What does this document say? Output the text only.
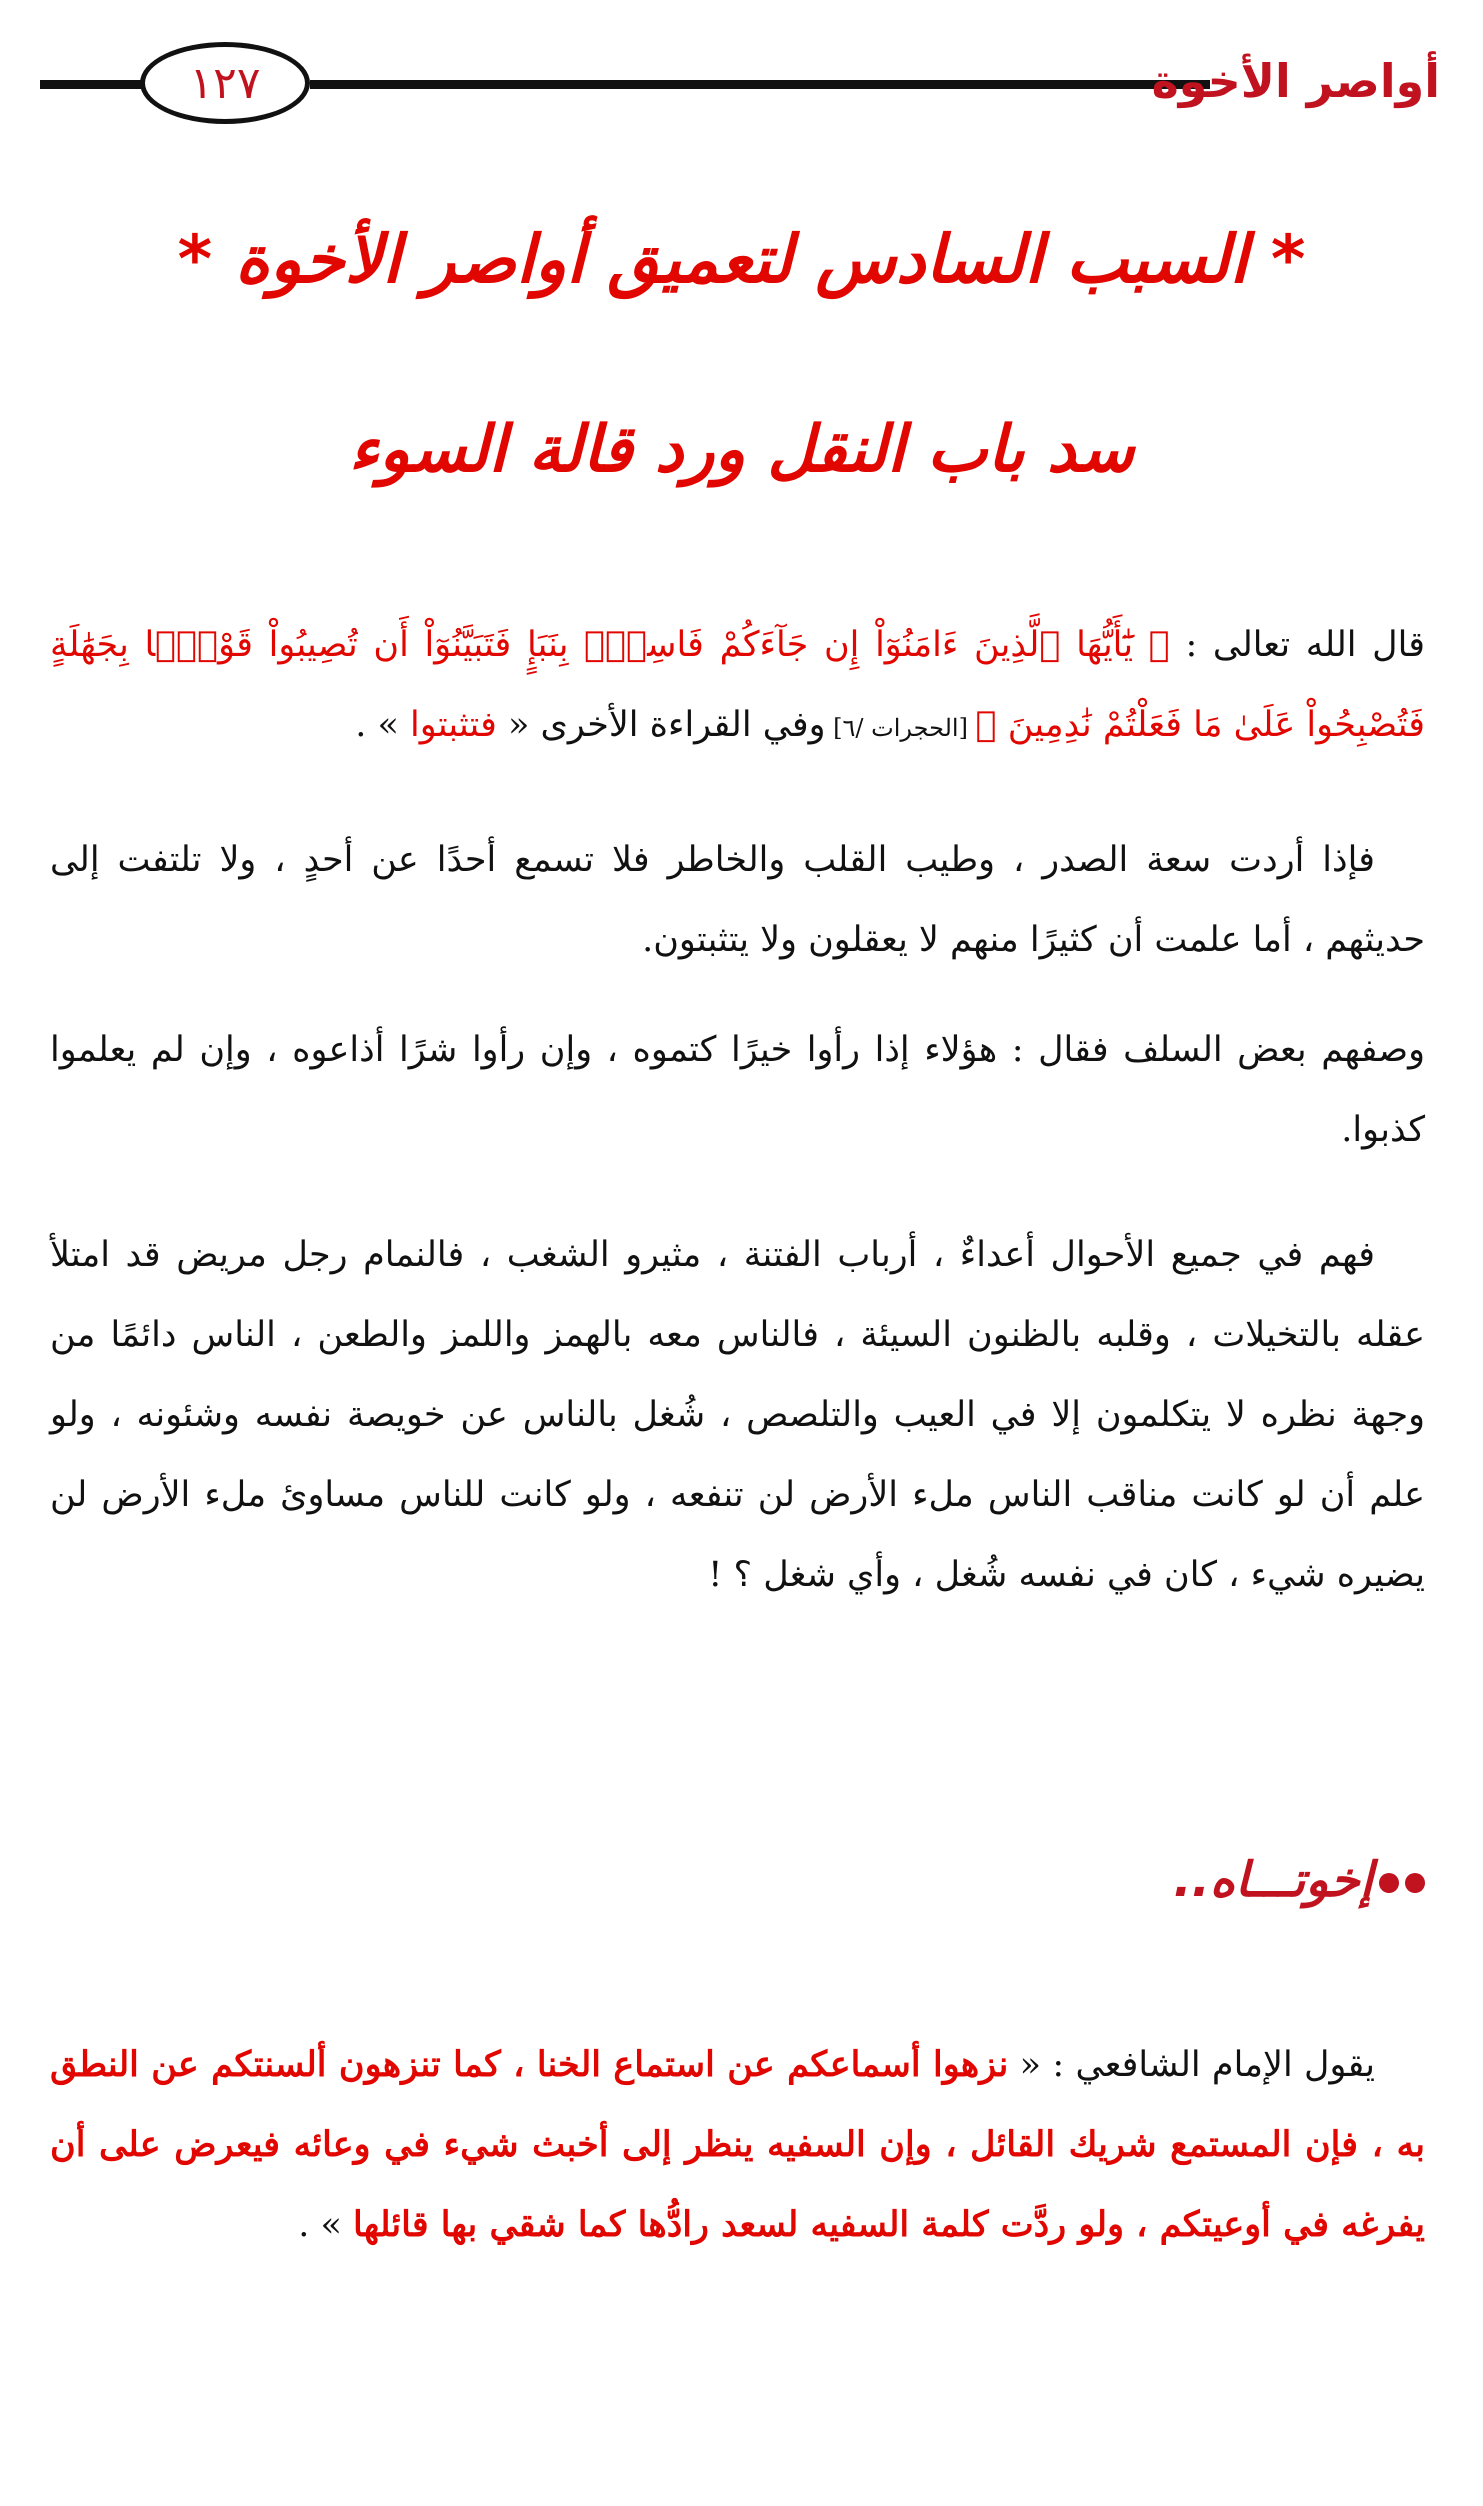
أواصر الأخوة
١٢٧
* السبب السادس لتعميق أواصر الأخوة *
سد باب النقل ورد قالة السوء

قال الله تعالى : ﴿ يَٰٓأَيُّهَا ٱلَّذِينَ ءَامَنُوٓاْ إِن جَآءَكُمْ فَاسِقٌۢ بِنَبَإٍ فَتَبَيَّنُوٓاْ أَن تُصِيبُواْ قَوْمًۢا بِجَهَٰلَةٍ فَتُصْبِحُواْ عَلَىٰ مَا فَعَلْتُمْ نَٰدِمِينَ ﴾ [الحجرات /٦] وفي القراءة الأخرى « فتثبتوا » .

فإذا أردت سعة الصدر ، وطيب القلب والخاطر فلا تسمع أحدًا عن أحدٍ ، ولا تلتفت إلى حديثهم ، أما علمت أن كثيرًا منهم لا يعقلون ولا يتثبتون.

وصفهم بعض السلف فقال : هؤلاء إذا رأوا خيرًا كتموه ، وإن رأوا شرًا أذاعوه ، وإن لم يعلموا كذبوا.

فهم في جميع الأحوال أعداءٌ ، أرباب الفتنة ، مثيرو الشغب ، فالنمام رجل مريض قد امتلأ عقله بالتخيلات ، وقلبه بالظنون السيئة ، فالناس معه بالهمز واللمز والطعن ، الناس دائمًا من وجهة نظره لا يتكلمون إلا في العيب والتلصص ، شُغل بالناس عن خويصة نفسه وشئونه ، ولو علم أن لو كانت مناقب الناس ملء الأرض لن تنفعه ، ولو كانت للناس مساوئ ملء الأرض لن يضيره شيء ، كان في نفسه شُغل ، وأي شغل ؟ !

إخوتـــاه..

يقول الإمام الشافعي : « نزهوا أسماعكم عن استماع الخنا ، كما تنزهون ألسنتكم عن النطق به ، فإن المستمع شريك القائل ، وإن السفيه ينظر إلى أخبث شيء في وعائه فيعرض على أن يفرغه في أوعيتكم ، ولو ردَّت كلمة السفيه لسعد رادُّها كما شقي بها قائلها » .
